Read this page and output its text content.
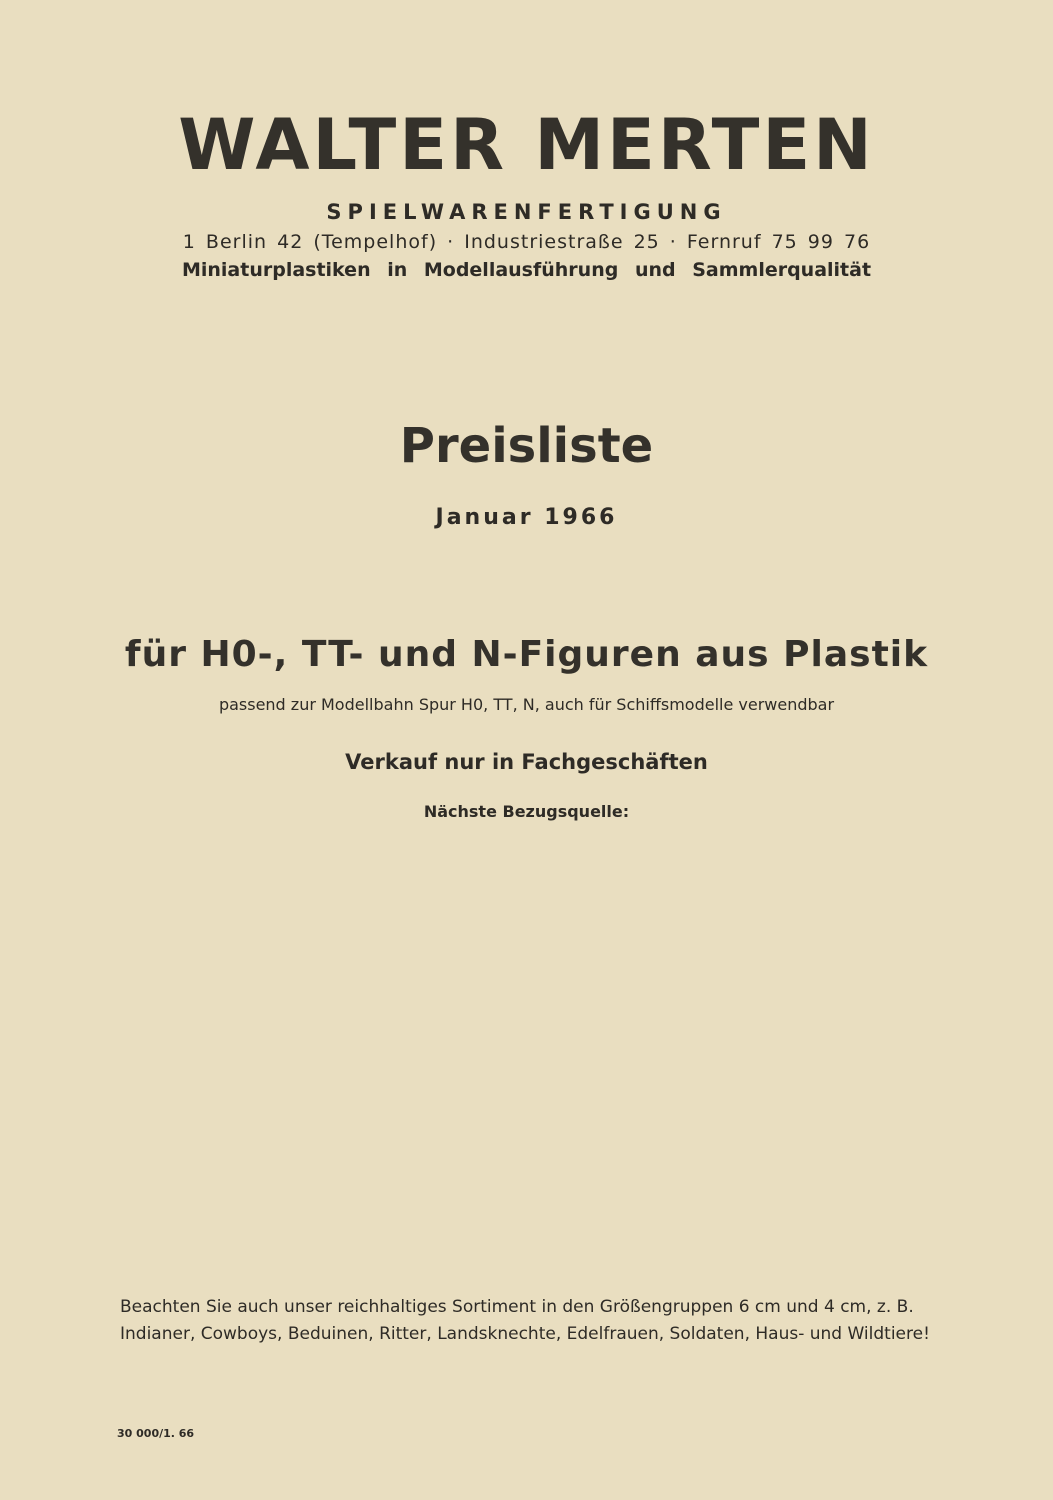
WALTER MERTEN
SPIELWARENFERTIGUNG
1 Berlin 42 (Tempelhof) · Industriestraße 25 · Fernruf 75 99 76
Miniaturplastiken in Modellausführung und Sammlerqualität
Preisliste
Januar 1966
für H0-, TT- und N-Figuren aus Plastik
passend zur Modellbahn Spur H0, TT, N, auch für Schiffsmodelle verwendbar
Verkauf nur in Fachgeschäften
Nächste Bezugsquelle:
Beachten Sie auch unser reichhaltiges Sortiment in den Größengruppen 6 cm und 4 cm, z. B.
Indianer, Cowboys, Beduinen, Ritter, Landsknechte, Edelfrauen, Soldaten, Haus- und Wildtiere!
30 000/1. 66
